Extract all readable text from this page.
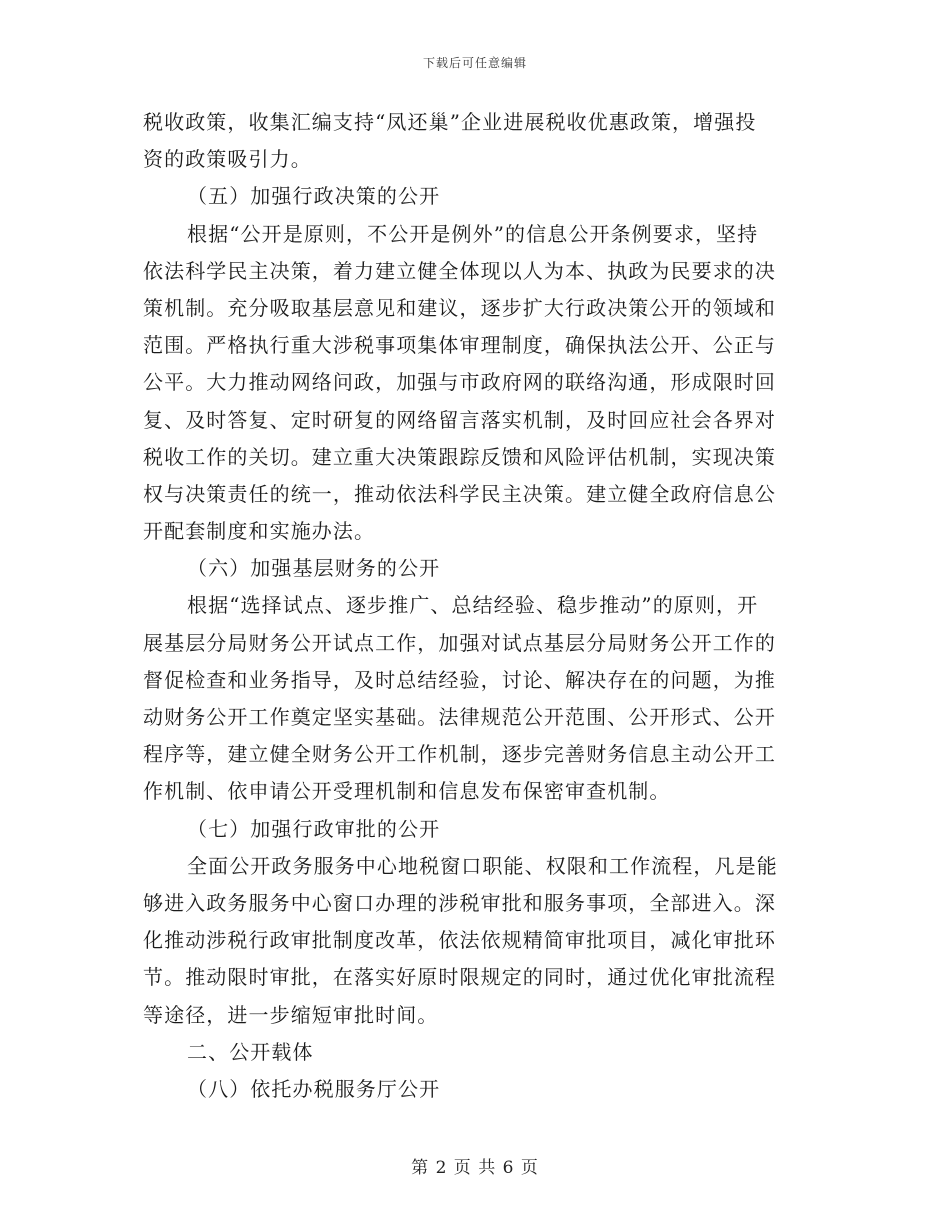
下载后可任意编辑
税收政策，收集汇编支持“凤还巢”企业进展税收优惠政策，增强投
资的政策吸引力。
（五）加强行政决策的公开
根据“公开是原则，不公开是例外”的信息公开条例要求，坚持
依法科学民主决策，着力建立健全体现以人为本、执政为民要求的决
策机制。充分吸取基层意见和建议，逐步扩大行政决策公开的领域和
范围。严格执行重大涉税事项集体审理制度，确保执法公开、公正与
公平。大力推动网络问政，加强与市政府网的联络沟通，形成限时回
复、及时答复、定时研复的网络留言落实机制，及时回应社会各界对
税收工作的关切。建立重大决策跟踪反馈和风险评估机制，实现决策
权与决策责任的统一，推动依法科学民主决策。建立健全政府信息公
开配套制度和实施办法。
（六）加强基层财务的公开
根据“选择试点、逐步推广、总结经验、稳步推动”的原则，开
展基层分局财务公开试点工作，加强对试点基层分局财务公开工作的
督促检查和业务指导，及时总结经验，讨论、解决存在的问题，为推
动财务公开工作奠定坚实基础。法律规范公开范围、公开形式、公开
程序等，建立健全财务公开工作机制，逐步完善财务信息主动公开工
作机制、依申请公开受理机制和信息发布保密审查机制。
（七）加强行政审批的公开
全面公开政务服务中心地税窗口职能、权限和工作流程，凡是能
够进入政务服务中心窗口办理的涉税审批和服务事项，全部进入。深
化推动涉税行政审批制度改革，依法依规精简审批项目，减化审批环
节。推动限时审批，在落实好原时限规定的同时，通过优化审批流程
等途径，进一步缩短审批时间。
二、公开载体
（八）依托办税服务厅公开
第 2 页 共 6 页
